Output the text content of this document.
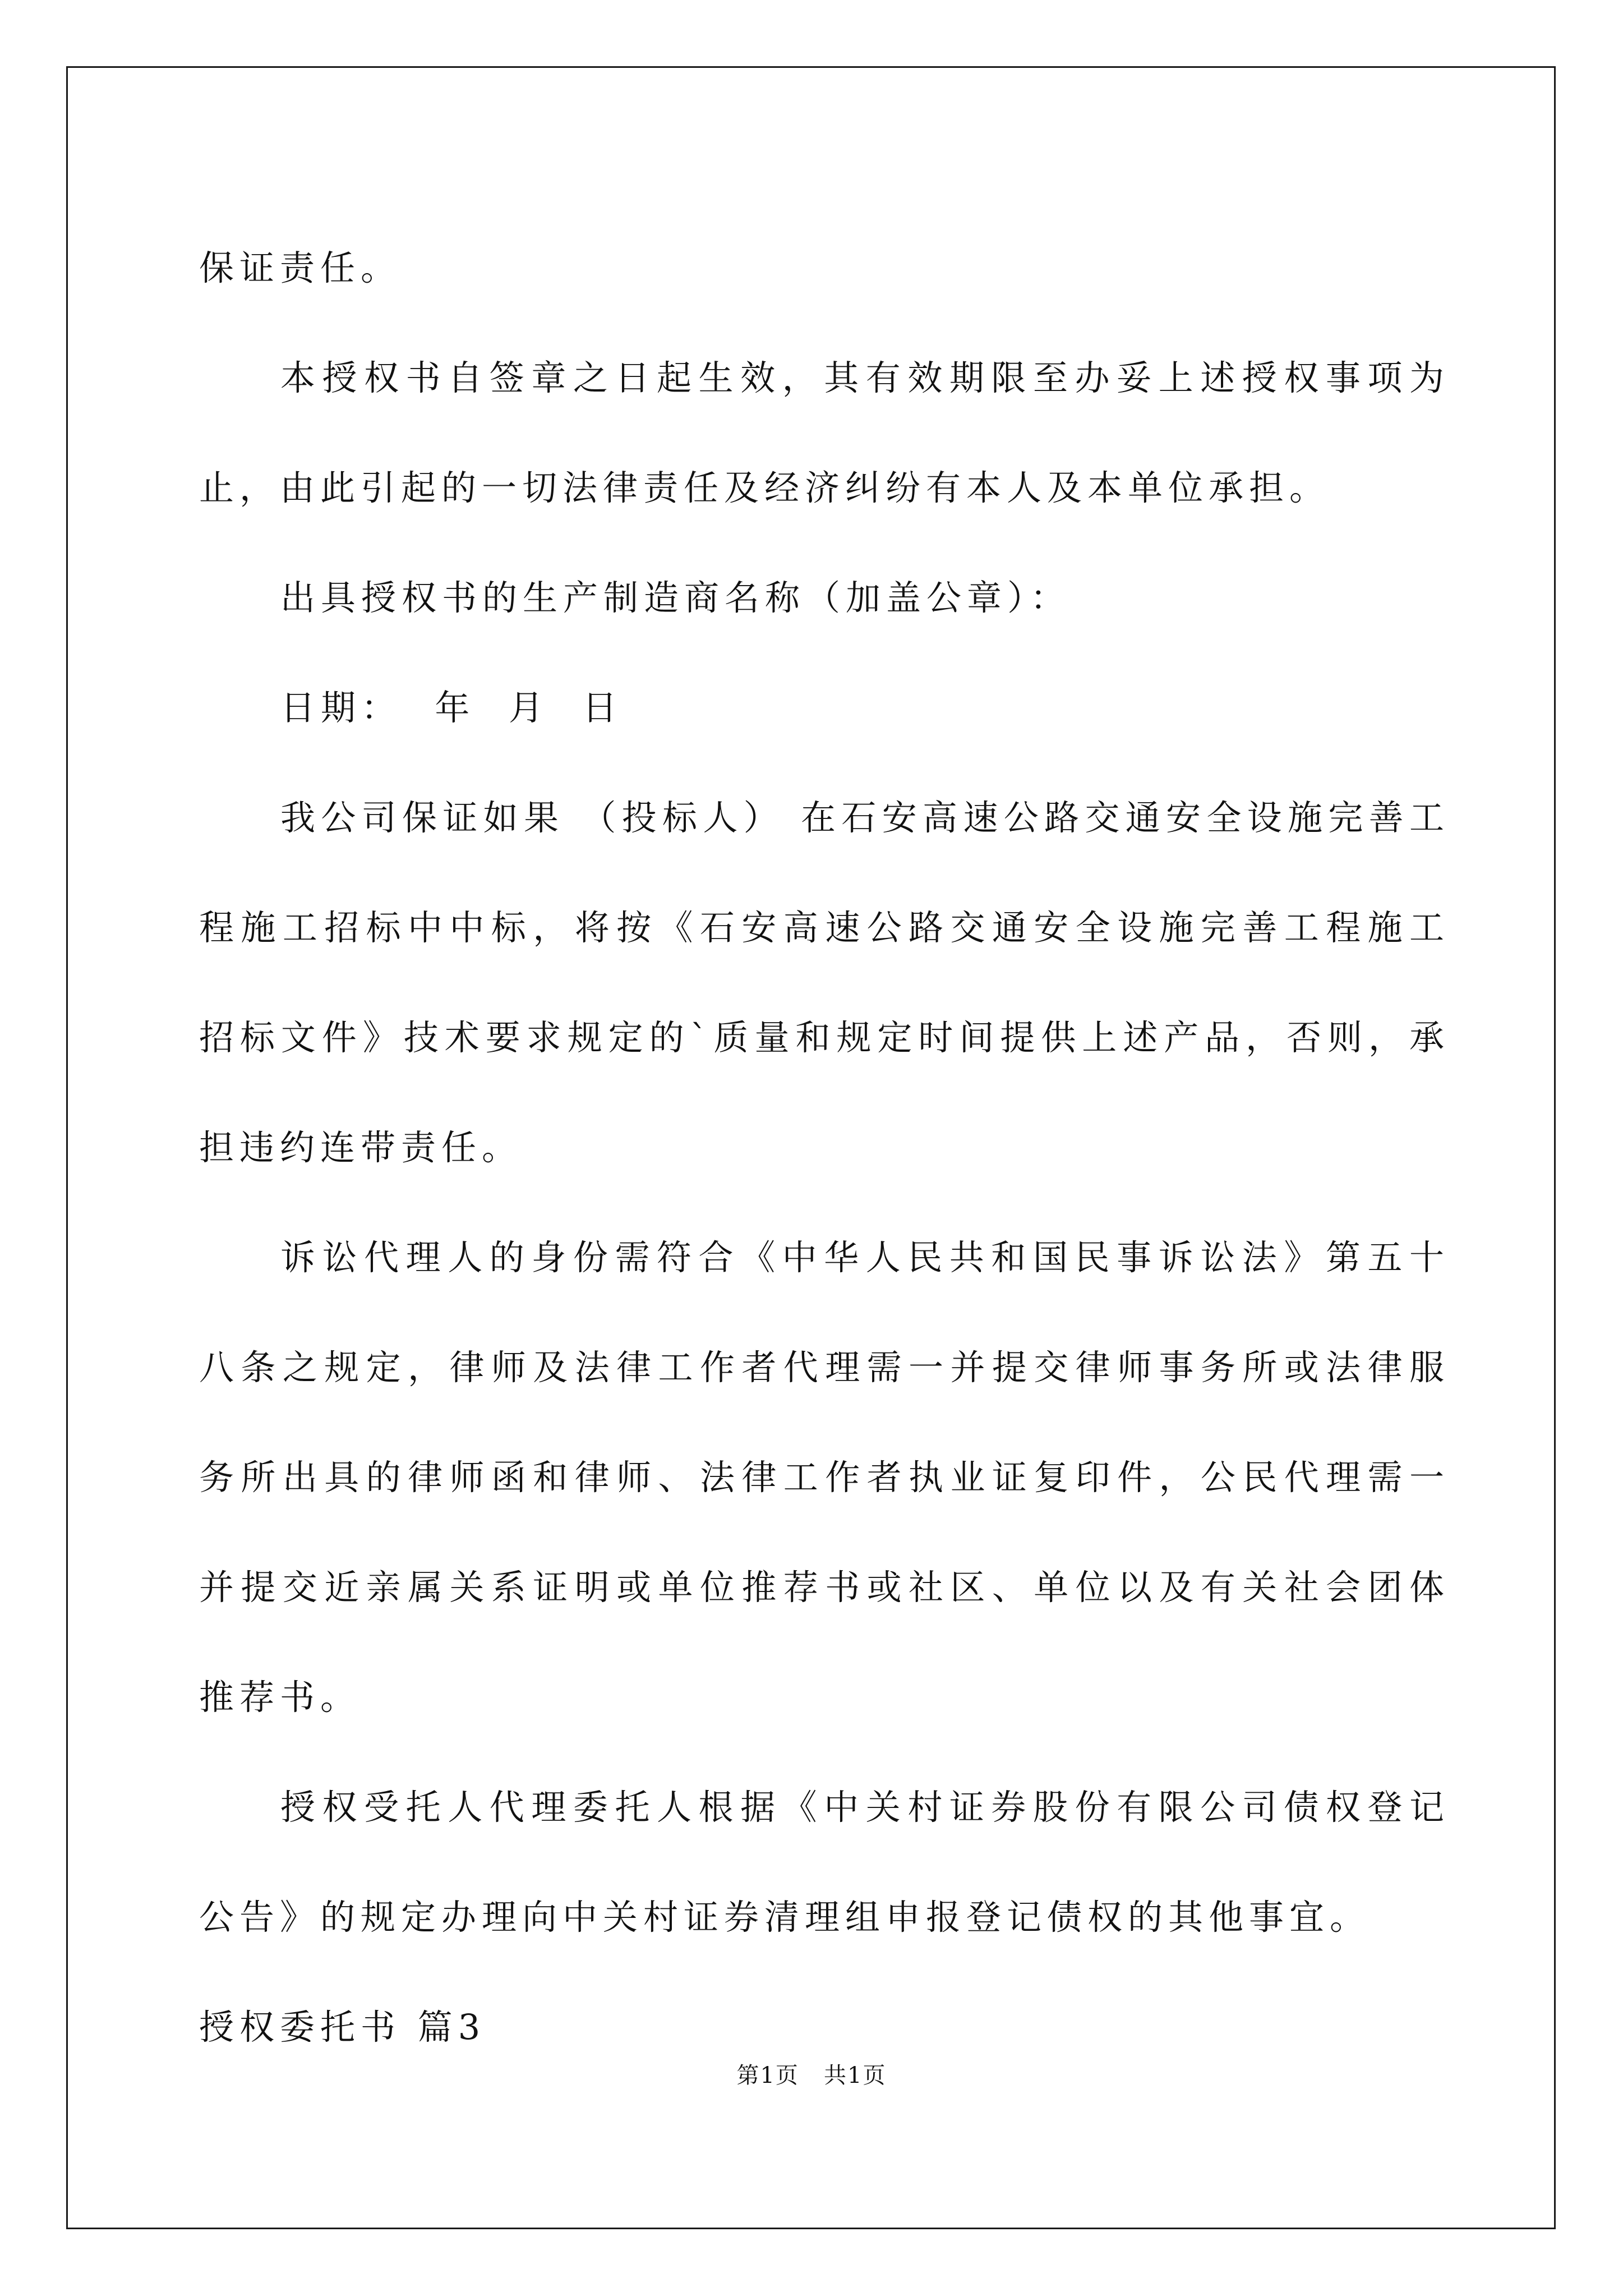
保证责任。

本授权书自签章之日起生效，其有效期限至办妥上述授权事项为止，由此引起的一切法律责任及经济纠纷有本人及本单位承担。

出具授权书的生产制造商名称（加盖公章）：

日期：  年  月  日

我公司保证如果 （投标人） 在石安高速公路交通安全设施完善工程施工招标中中标，将按《石安高速公路交通安全设施完善工程施工招标文件》技术要求规定的`质量和规定时间提供上述产品，否则，承担违约连带责任。

诉讼代理人的身份需符合《中华人民共和国民事诉讼法》第五十八条之规定，律师及法律工作者代理需一并提交律师事务所或法律服务所出具的律师函和律师、法律工作者执业证复印件，公民代理需一并提交近亲属关系证明或单位推荐书或社区、单位以及有关社会团体推荐书。

授权受托人代理委托人根据《中关村证券股份有限公司债权登记公告》的规定办理向中关村证券清理组申报登记债权的其他事宜。

授权委托书 篇3

第1页   共1页
